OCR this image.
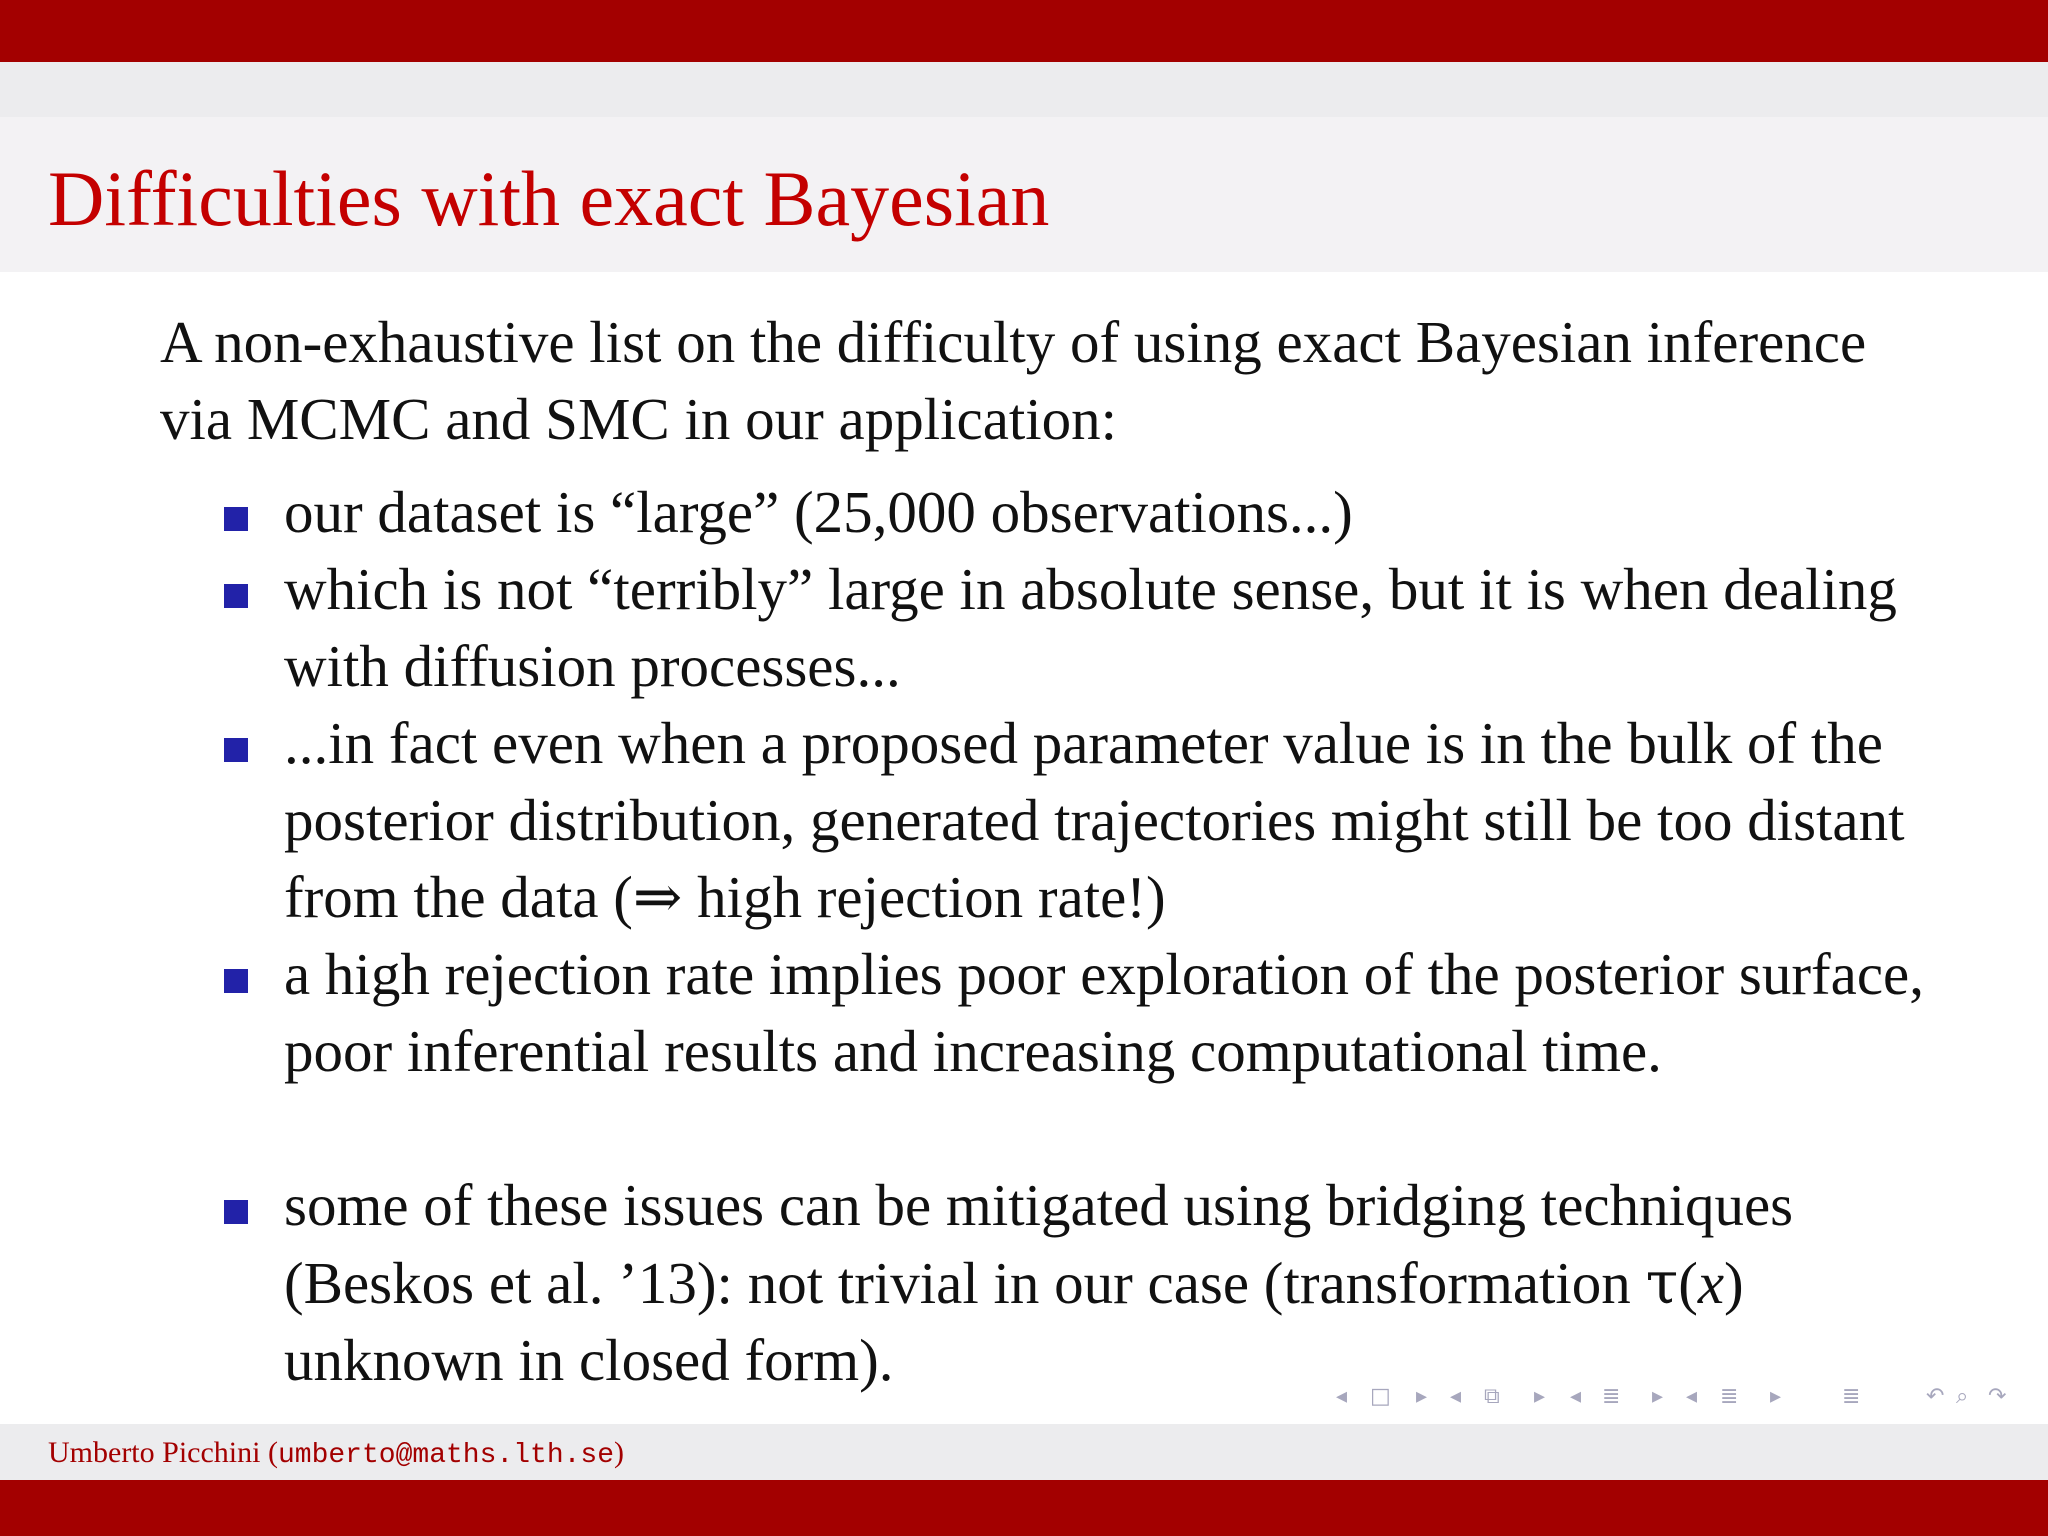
Difficulties with exact Bayesian
A non-exhaustive list on the difficulty of using exact Bayesian inference via MCMC and SMC in our application:
our dataset is “large” (25,000 observations...)
which is not “terribly” large in absolute sense, but it is when dealing with diffusion processes...
...in fact even when a proposed parameter value is in the bulk of the posterior distribution, generated trajectories might still be too distant from the data (⇒ high rejection rate!)
a high rejection rate implies poor exploration of the posterior surface, poor inferential results and increasing computational time.
some of these issues can be mitigated using bridging techniques (Beskos et al. ’13): not trivial in our case (transformation τ(x) unknown in closed form).
◂ □ ▸ ◂ ⧉ ▸ ◂ ≣ ▸ ◂ ≣ ▸	≣	↶ ⌕ ↷
Umberto Picchini (umberto@maths.lth.se)
